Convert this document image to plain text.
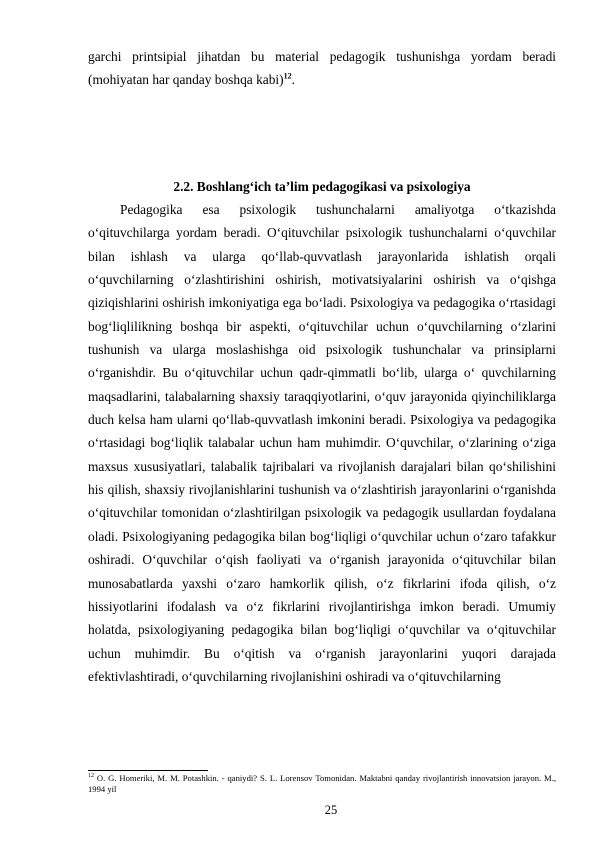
garchi printsipial jihatdan bu material pedagogik tushunishga yordam beradi (mohiyatan har qanday boshqa kabi)$^{12}$.

2.2. Boshlang‘ich ta’lim pedagogikasi va psixologiya

Pedagogika esa psixologik tushunchalarni amaliyotga o‘tkazishda o‘qituvchilarga yordam beradi. O‘qituvchilar psixologik tushunchalarni o‘quvchilar bilan ishlash va ularga qo‘llab-quvvatlash jarayonlarida ishlatish orqali o‘quvchilarning o‘zlashtirishini oshirish, motivatsiyalarini oshirish va o‘qishga qiziqishlarini oshirish imkoniyatiga ega bo‘ladi. Psixologiya va pedagogika o‘rtasidagi bog‘liqlilikning boshqa bir aspekti, o‘qituvchilar uchun o‘quvchilarning o‘zlarini tushunish va ularga moslashishga oid psixologik tushunchalar va prinsiplarni o‘rganishdir. Bu o‘qituvchilar uchun qadr-qimmatli bo‘lib, ularga o‘ quvchilarning maqsadlarini, talabalarning shaxsiy taraqqiyotlarini, o‘quv jarayonida qiyinchiliklarga duch kelsa ham ularni qo‘llab-quvvatlash imkonini beradi. Psixologiya va pedagogika o‘rtasidagi bog‘liqlik talabalar uchun ham muhimdir. O‘quvchilar, o‘zlarining o‘ziga maxsus xususiyatlari, talabalik tajribalari va rivojlanish darajalari bilan qo‘shilishini his qilish, shaxsiy rivojlanishlarini tushunish va o‘zlashtirish jarayonlarini o‘rganishda o‘qituvchilar tomonidan o‘zlashtirilgan psixologik va pedagogik usullardan foydalana oladi. Psixologiyaning pedagogika bilan bog‘liqligi o‘quvchilar uchun o‘zaro tafakkur oshiradi. O‘quvchilar o‘qish faoliyati va o‘rganish jarayonida o‘qituvchilar bilan munosabatlarda yaxshi o‘zaro hamkorlik qilish, o‘z fikrlarini ifoda qilish, o‘z hissiyotlarini ifodalash va o‘z fikrlarini rivojlantirishga imkon beradi. Umumiy holatda, psixologiyaning pedagogika bilan bog‘liqligi o‘quvchilar va o‘qituvchilar uchun muhimdir. Bu o‘qitish va o‘rganish jarayonlarini yuqori darajada efektivlashtiradi, o‘quvchilarning rivojlanishini oshiradi va o‘qituvchilarning

$^{12}$ O. G. Homeriki, M. M. Potashkin. - qaniydi? S. L. Lorensov Tomonidan. Maktabni qanday rivojlantirish innovatsion jarayon. M., 1994 yil

25
